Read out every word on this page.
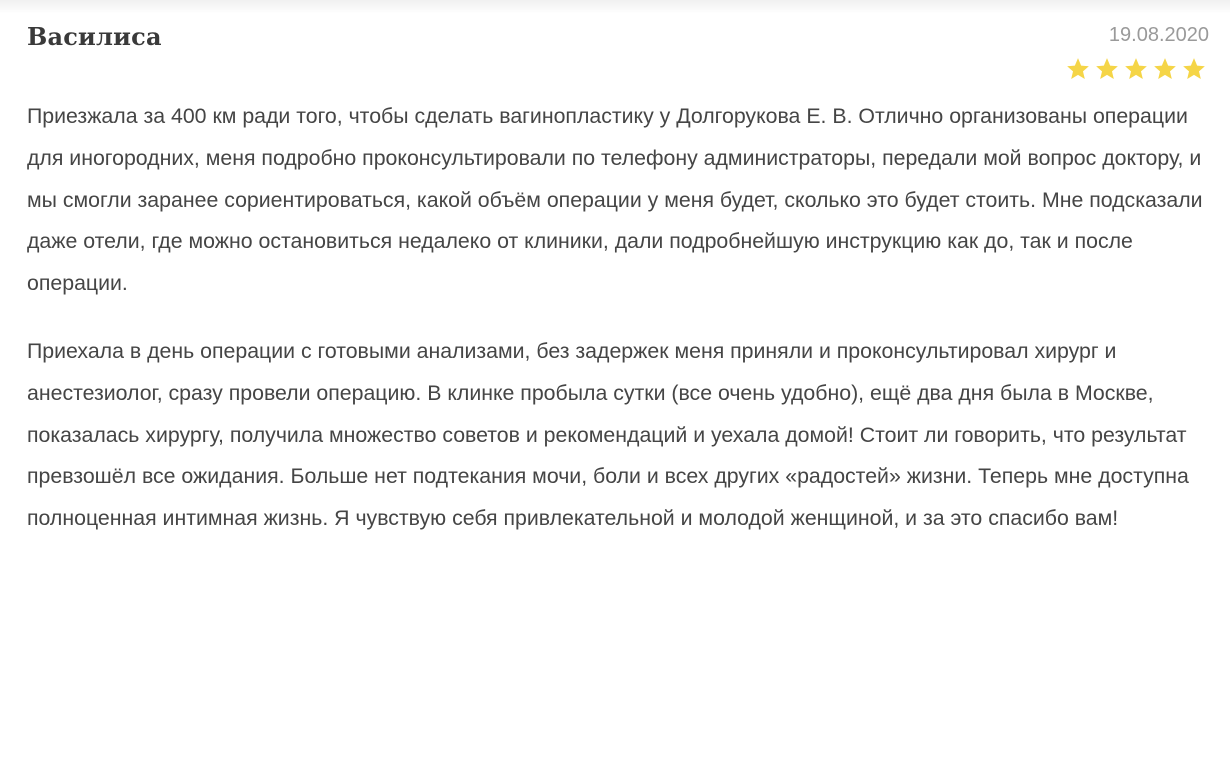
Василиса	19.08.2020

Приезжала за 400 км ради того, чтобы сделать вагинопластику у Долгорукова Е. В. Отлично организованы операции для иногородних, меня подробно проконсультировали по телефону администраторы, передали мой вопрос доктору, и мы смогли заранее сориентироваться, какой объём операции у меня будет, сколько это будет стоить. Мне подсказали даже отели, где можно остановиться недалеко от клиники, дали подробнейшую инструкцию как до, так и после операции.

Приехала в день операции с готовыми анализами, без задержек меня приняли и проконсультировал хирург и анестезиолог, сразу провели операцию. В клинке пробыла сутки (все очень удобно), ещё два дня была в Москве, показалась хирургу, получила множество советов и рекомендаций и уехала домой! Стоит ли говорить, что результат превзошёл все ожидания. Больше нет подтекания мочи, боли и всех других «радостей» жизни. Теперь мне доступна полноценная интимная жизнь. Я чувствую себя привлекательной и молодой женщиной, и за это спасибо вам!
